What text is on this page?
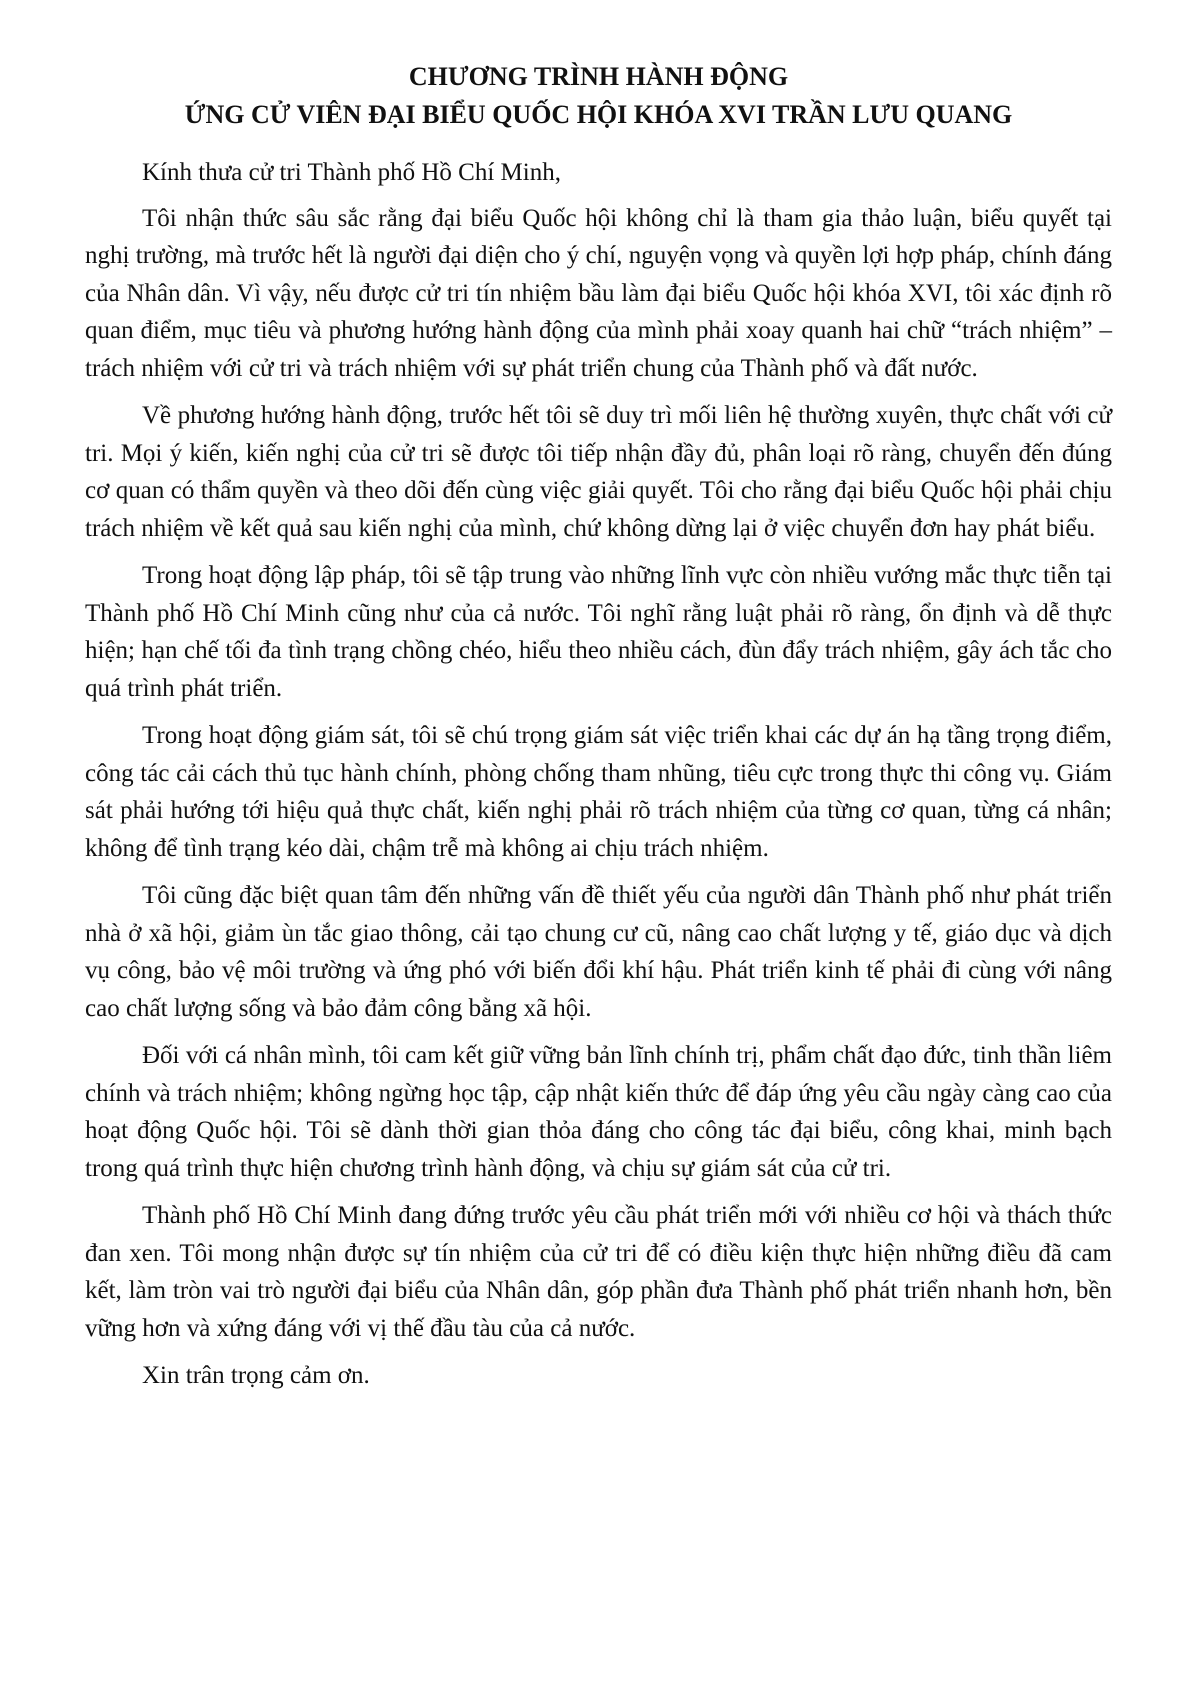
CHƯƠNG TRÌNH HÀNH ĐỘNG
ỨNG CỬ VIÊN ĐẠI BIỂU QUỐC HỘI KHÓA XVI TRẦN LƯU QUANG

Kính thưa cử tri Thành phố Hồ Chí Minh,

Tôi nhận thức sâu sắc rằng đại biểu Quốc hội không chỉ là tham gia thảo luận, biểu quyết tại nghị trường, mà trước hết là người đại diện cho ý chí, nguyện vọng và quyền lợi hợp pháp, chính đáng của Nhân dân. Vì vậy, nếu được cử tri tín nhiệm bầu làm đại biểu Quốc hội khóa XVI, tôi xác định rõ quan điểm, mục tiêu và phương hướng hành động của mình phải xoay quanh hai chữ “trách nhiệm” – trách nhiệm với cử tri và trách nhiệm với sự phát triển chung của Thành phố và đất nước.

Về phương hướng hành động, trước hết tôi sẽ duy trì mối liên hệ thường xuyên, thực chất với cử tri. Mọi ý kiến, kiến nghị của cử tri sẽ được tôi tiếp nhận đầy đủ, phân loại rõ ràng, chuyển đến đúng cơ quan có thẩm quyền và theo dõi đến cùng việc giải quyết. Tôi cho rằng đại biểu Quốc hội phải chịu trách nhiệm về kết quả sau kiến nghị của mình, chứ không dừng lại ở việc chuyển đơn hay phát biểu.

Trong hoạt động lập pháp, tôi sẽ tập trung vào những lĩnh vực còn nhiều vướng mắc thực tiễn tại Thành phố Hồ Chí Minh cũng như của cả nước. Tôi nghĩ rằng luật phải rõ ràng, ổn định và dễ thực hiện; hạn chế tối đa tình trạng chồng chéo, hiểu theo nhiều cách, đùn đẩy trách nhiệm, gây ách tắc cho quá trình phát triển.

Trong hoạt động giám sát, tôi sẽ chú trọng giám sát việc triển khai các dự án hạ tầng trọng điểm, công tác cải cách thủ tục hành chính, phòng chống tham nhũng, tiêu cực trong thực thi công vụ. Giám sát phải hướng tới hiệu quả thực chất, kiến nghị phải rõ trách nhiệm của từng cơ quan, từng cá nhân; không để tình trạng kéo dài, chậm trễ mà không ai chịu trách nhiệm.

Tôi cũng đặc biệt quan tâm đến những vấn đề thiết yếu của người dân Thành phố như phát triển nhà ở xã hội, giảm ùn tắc giao thông, cải tạo chung cư cũ, nâng cao chất lượng y tế, giáo dục và dịch vụ công, bảo vệ môi trường và ứng phó với biến đổi khí hậu. Phát triển kinh tế phải đi cùng với nâng cao chất lượng sống và bảo đảm công bằng xã hội.

Đối với cá nhân mình, tôi cam kết giữ vững bản lĩnh chính trị, phẩm chất đạo đức, tinh thần liêm chính và trách nhiệm; không ngừng học tập, cập nhật kiến thức để đáp ứng yêu cầu ngày càng cao của hoạt động Quốc hội. Tôi sẽ dành thời gian thỏa đáng cho công tác đại biểu, công khai, minh bạch trong quá trình thực hiện chương trình hành động, và chịu sự giám sát của cử tri.

Thành phố Hồ Chí Minh đang đứng trước yêu cầu phát triển mới với nhiều cơ hội và thách thức đan xen. Tôi mong nhận được sự tín nhiệm của cử tri để có điều kiện thực hiện những điều đã cam kết, làm tròn vai trò người đại biểu của Nhân dân, góp phần đưa Thành phố phát triển nhanh hơn, bền vững hơn và xứng đáng với vị thế đầu tàu của cả nước.

Xin trân trọng cảm ơn.
